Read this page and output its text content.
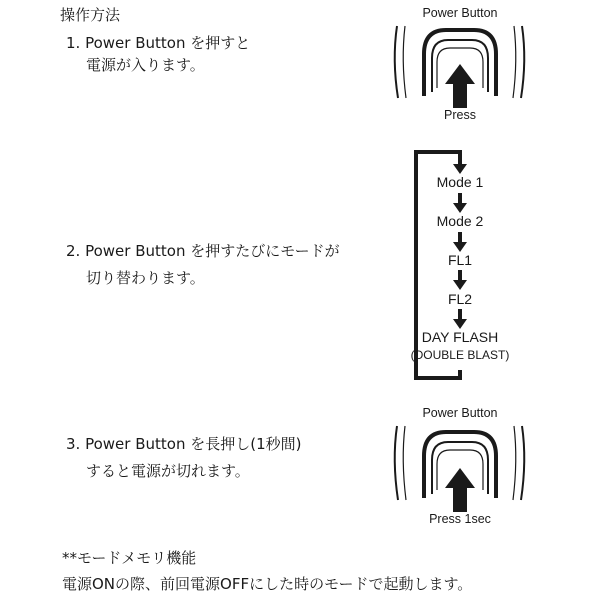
操作方法
1. Power Button を押すと
電源が入ります。
2. Power Button を押すたびにモードが
切り替わります。
3. Power Button を長押し(1秒間)
すると電源が切れます。
**モードメモリ機能
電源ONの際、前回電源OFFにした時のモードで起動します。
Power Button
Press
Mode 1
Mode 2
FL1
FL2
DAY FLASH
(DOUBLE BLAST)
Power Button
Press 1sec
